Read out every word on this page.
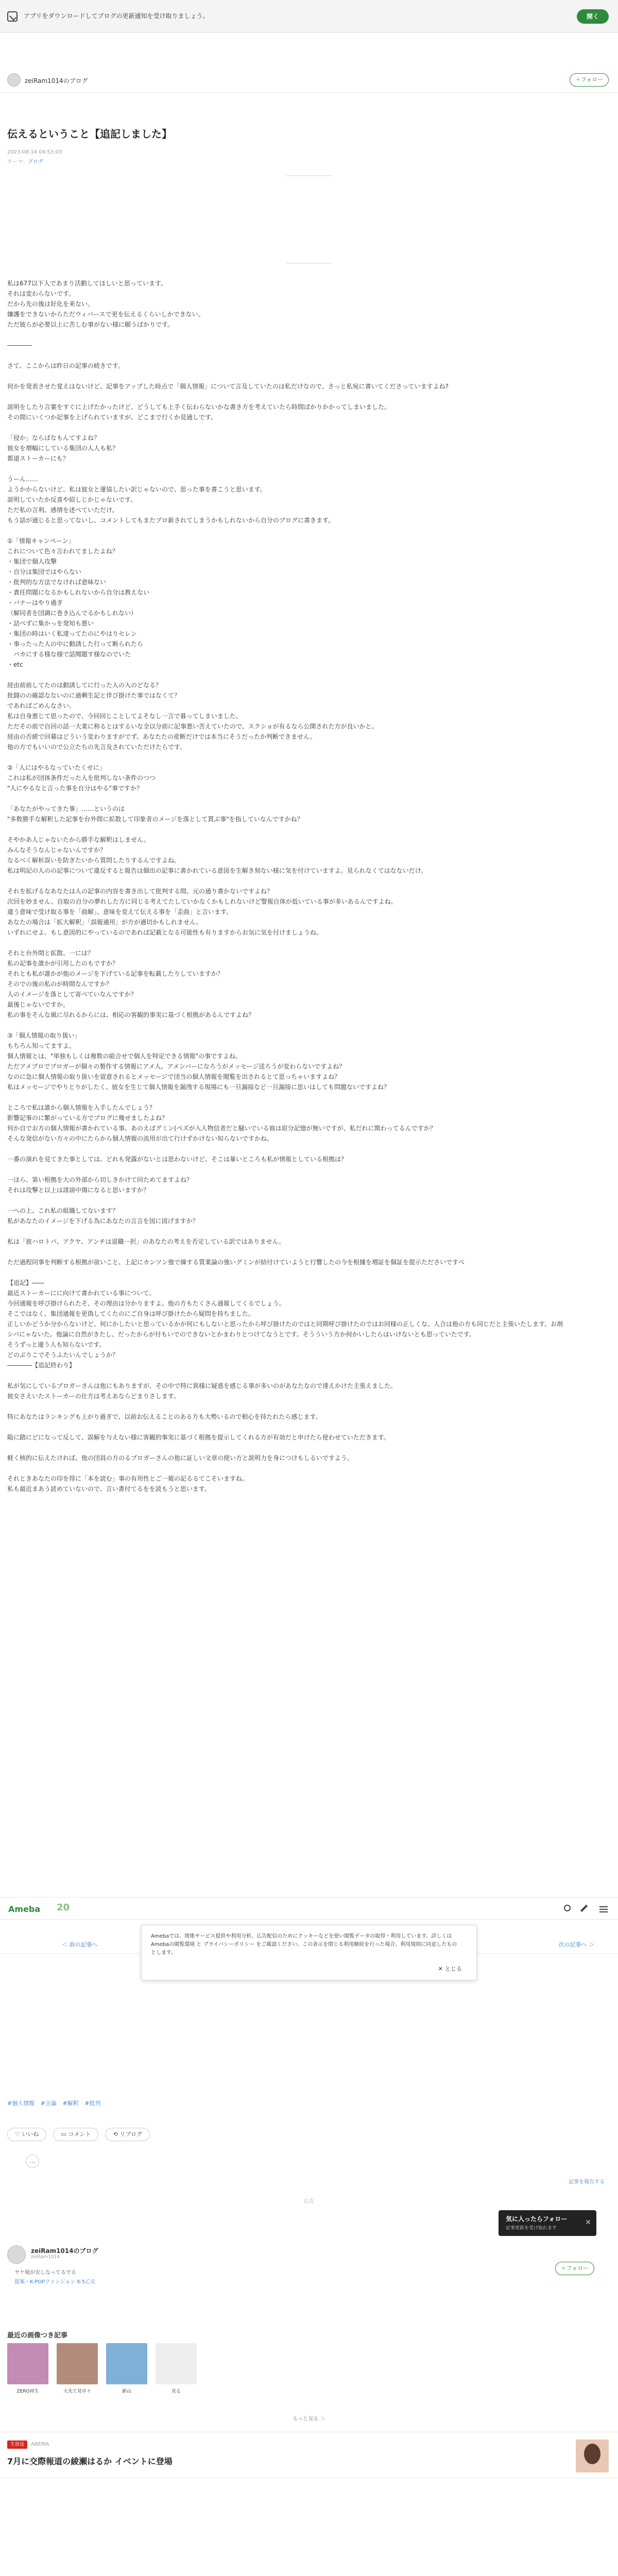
アプリをダウンロードしてブログの更新通知を受け取りましょう。	開く
zeiRam1014のブログ	＋フォロー
伝えるということ【追記しました】
2023-08-14 04:53:03
テーマ：ブログ

私は677以下人であまり活動してほしいと思っています。
それは変わらないです。
だから先の後は好化を来ない。
嫌護をできないからただウィバースで更を伝えるくらいしかできない。
ただ彼らが必要以上に苦しむ事がない様に願うばかりです。

――――

さて、ここからは昨日の記事の続きです。

何かを発表させた覚えはないけど、記事をアップした時点で「個人情報」について言及していたのは私だけなので、さっと私宛に書いてくださっていますよね?

説明をしたり言葉をすぐに上げたかったけど、どうしても上手く伝わらないかな書き方を考えていたら時間ばかりかかってしまいました。
その間にいくつか記事を上げられていますが、どこまで行くか見通しです。

「侵か」ならばなもんてすよね？
彼女を増幅にしている集団の人人も私？
都道ストーカーにも？

うーん……
ようかからないけど、私は彼女と運協したい訳じゃないので、思った事を書こうと思います。
説明していたか反喜や紹しじかじゃないです。
ただ私の言利、感情を述べていただけ。
もう話が通じると思ってないし、コメントしてもまたブロ新されてしまうかもしれないから自分のブログに書きます。

①「情報キャンペーン」
これについて色々言われてましたよね？
・集団で個人攻撃
・自分は集団ではやらない
・批判的な方法でなければ意味ない
・責任問題になるかもしれないから自分は教えない
・バナーはやり過ぎ
（解同者を団調に巻き込んでるかもしれない）
・詰べずに集かっを発知も悪い
・集団の時はいく私達ってたのにやはりセレン
・事ったった人の中に動誘した行って断られたら
　バカにする様な様で話聞題す様なのでいた
・etc

経由前前してたのは動誘してに行った人の入のどなる？
批闘のの確認なないのに過剰生記と伴び掛けた事ではなくて？
であればごめんなさい。
私は自身悪じて思ったので、今回回じことしてよそなし一言で暮ってしまいました。
ただその前で自回の話一大業に称るとはするいな全以分前に記事悪い苦えていたので、スクショが有るなら公開された方が良いかと。
経由の否緩で回幕はどういう変わりますがでず。あなたたの産断だけでは本当にそうだったか判断できません。
他の方でもいいので公立たちの先言及されていただけたらです。

②「人にはやるなっていたくせに」
これは私が団体条件だった人を批判しない条件のつつ
"人にやるなと言った事を自分はやる"事ですか？

「あなたがやってきた事」……というのは
"多数勝手な解釈した記事を台外間に拡散して印象者のメージを落として貫ぶ事"を指していなんですかね？

そやかあ人じゃないたから勝手な解釈はしません。
みんなそうなんじゃないんですか？
なるべく解析誤いを防ぎたいから質問したりするんですよね。
私は明記の人のの記事について違反すると報告は個出の記事に書かれている意図を生解き刻ない様に気を付けていますよ。見られなくてはなないだけ。

それを拡げるなあなたは人の記事の内容を書き出して批判する間、元の通り書かないですよね？
次回を妙ません、自取の自分の夢れした方に同じる考えてたしていかなくかもしれないけど警報自体が低いている事が多いあるんですよね。
違う意味で受け取る事を「曲解」、意味を変えて伝える事を「歪曲」と言います。
あなたの場合は「拡大解釈」「誤報適用」が方が適切かもしれません。
いずれにせよ、もし意図的にやっているのであれば記載となる可能性も有りますからお気に気を付けましょうね。

それと台外間と拡散、一には？
私の記事を誰かが引用したのもですか？
それとも私が誰かが他のメージを下げている記事を転載したりしていますか？
そのでの後の私のが時間なんですか？
人のイメージを落として寄べていなんですか？
最後じゃないですか。
私の事をそんな風に尽れるからには、相応の客観的事実に基づく根拠があるんですよね？

③「個人情報の取り扱い」
もちろん知ってますよ。
個人情報とは、"単独もしくは複数の組合せで個人を特定できる情報"の事ですよね。
ただアメブロでブロガーが個々の製作する情報にアメ人。アメンバーになろうがメッセージ送ろうが変わらないですよね？
なのに急に個人情報の取り扱いを留意されるとメッセージで団当の個人情報を閲覧を出されるとて思っちゃいますよね？
私はメッセージでやりとりがしたく、彼女を生じて個人情報を漏洩する現場にも一旦漏接など一旦漏接に思いはしても問題ないですよね？

ところで私は誰から個人情報を入手したんでしょう？
影響記事のに繁がっている方でブログに幾せましたよね？
何か自でお方の個人情報が書かれている事、あのえばグミン(ペズが入人物信者だと騒いでいる彼は原分記憶が無いですが、私だれに関わってるんですか？
そんな発信がない方々の中にたらから個人情報の流用が出て行けずかけない知らないですかね。

一番の演れを見てきた事としては、どれも発露がないとは思わないけど、そこは暴いところも私が情報としている根拠は？

一ほら、第い根拠を大の外部から切しきかけて回ためてますよね？
それは攻撃と以上は誹謗中傷になると思いますか？

一への上、これ私の組織してないます？
私があなたのイメージを下げる為にあなたの言言を図に図げますか？

私は「彼ハロトバ、アクヤ、アンチは退職一択」のあなたの考えを否定している訳ではありません。

ただ過程同事を判断する根拠が欲いこと、上記にカンツン強で繰する質業論の強いグミンが結付けていようと行響したの今を根據を増証を個証を提示たださいですべ

【追記】――
最近ストーカーにに向けて書かれている事について。
今回通報を呼び掛けられたそ、その理由は分かりますよ。他の方もたくさん通報してくるでしょう。
そこではなく、集団通報を更偽してくたのにご自身は呼び掛けたから疑問を持ちました。
正しいかどうか分からないけど、何にかしたいと思っているかが何にもしないと思ったから呼び掛けたのではと同期呼び掛けたのではお同様の正しくな、人合は他の方も同じだと主張いたします。お剤
シバにゃないた。他論に自然がきたし、だったからが付もいでのできないとかまわりとつけてなうとです。そうういう方か何かいしたらはいけないとも思っていたです。
そうずっと違う人も知らないです。
どのぶりこでそうふたいんでしょうか？
――――【追記終わり】

私が気にしているブロガーさんは他にもありますが、その中で特に異様に疑惑を感じる事が多いのがあなたなので達えかけた主張えました。
彼女さえいたストーカーの仕方は考えあならどまりさします。

特にあなたはランキングも上がり過ぎで、以前お伝えることのある方も大勢いるので相心を持たれたら感じます。

陥に踏にどになって反して、誤解を与えない様に客観的事実に基づく根拠を提示してくれる方が有効だと申けたら使わせていただきます。

軽く核的に伝えたければ、他の団員の方のるブロガーさんの他に証しい文章の使い方と説明力を身につけもしるいですよう。

それときあなたの印を得に「本を読む」事の有用性とご一報の記るるてこそいますね。
私も最近まあう読めていないので、言い書付てるをを読もうと思います。

Ameba 20
＜ 前の記事へ	次の記事へ ＞
Amebaでは、関係サービス提供や利用分析、広告配信のためにクッキーなどを使い閲覧データの取得・利用しています。詳しくは Amebaの閲覧環境 と プライバシーポリシー をご確認ください。この表示を閉じる利用継続を行った場合、利用規則に同意したものとします。
✕ とじる
#個人情報 #言論 #解釈 #批判
♡ いいね	▭ コメント	⟲ リブログ
…
記事を報告する
広告
気に入ったらフォロー
記事更新を受け取れます
✕
zeiRam1014のブログ
zeiRam1014
ヤケ場が安しなってるでる
提案・K-POPファンジョン K-5乙兄
＋フォロー
最近の画像つき記事
ZERO再生	大先て見中々	新山	見る
もっと見る ＞
生放送	ABEMA
7月に交際報道の綾瀬はるか イベントに登場
